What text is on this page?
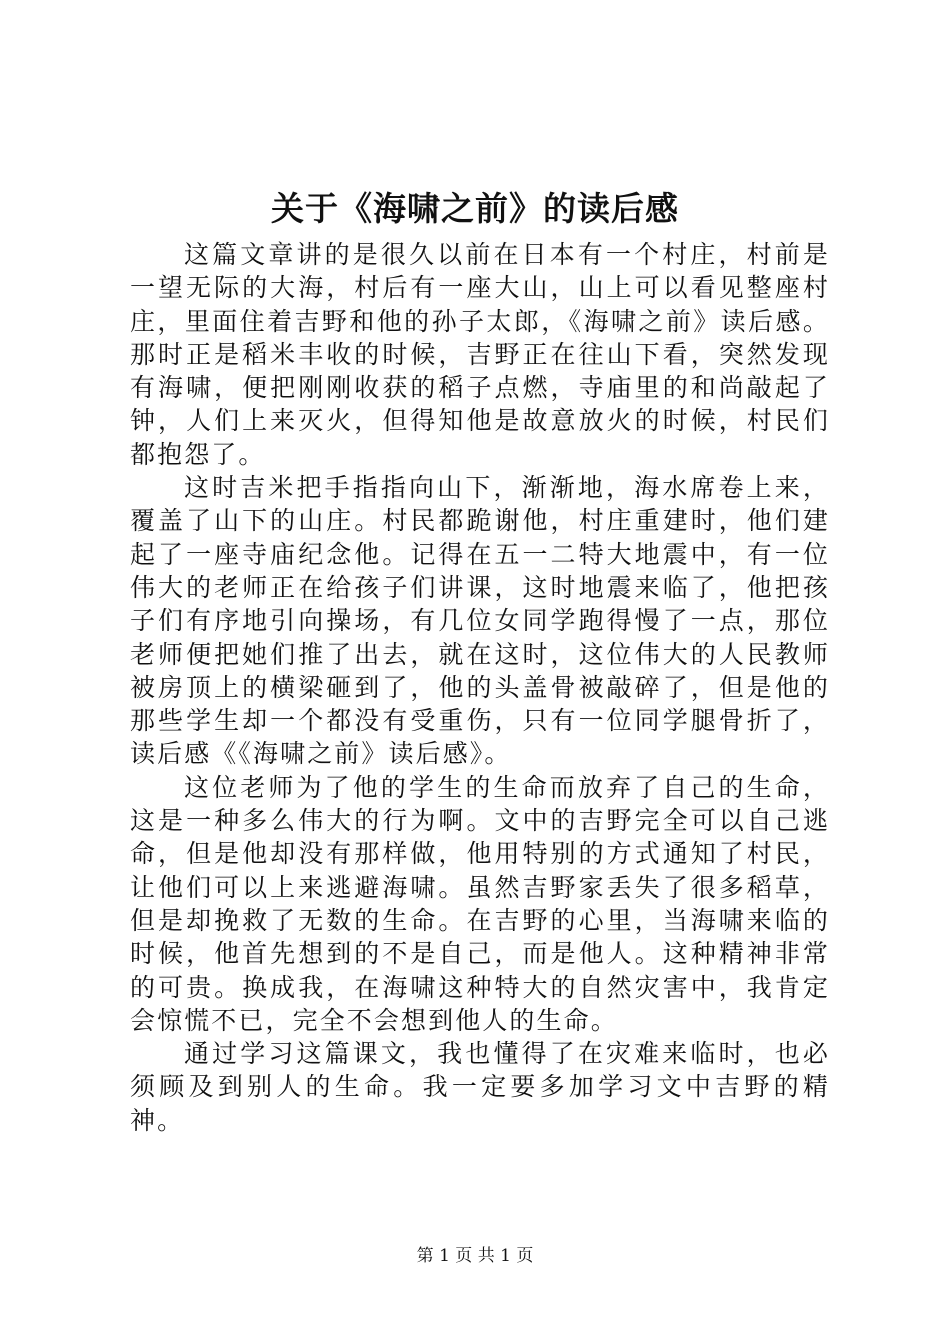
关于《海啸之前》的读后感

这篇文章讲的是很久以前在日本有一个村庄，村前是一望无际的大海，村后有一座大山，山上可以看见整座村庄，里面住着吉野和他的孙子太郎，《海啸之前》读后感。那时正是稻米丰收的时候，吉野正在往山下看，突然发现有海啸，便把刚刚收获的稻子点燃，寺庙里的和尚敲起了钟，人们上来灭火，但得知他是故意放火的时候，村民们都抱怨了。

这时吉米把手指指向山下，渐渐地，海水席卷上来，覆盖了山下的山庄。村民都跪谢他，村庄重建时，他们建起了一座寺庙纪念他。记得在五一二特大地震中，有一位伟大的老师正在给孩子们讲课，这时地震来临了，他把孩子们有序地引向操场，有几位女同学跑得慢了一点，那位老师便把她们推了出去，就在这时，这位伟大的人民教师被房顶上的横梁砸到了，他的头盖骨被敲碎了，但是他的那些学生却一个都没有受重伤，只有一位同学腿骨折了，读后感《《海啸之前》读后感》。

这位老师为了他的学生的生命而放弃了自己的生命，这是一种多么伟大的行为啊。文中的吉野完全可以自己逃命，但是他却没有那样做，他用特别的方式通知了村民，让他们可以上来逃避海啸。虽然吉野家丢失了很多稻草，但是却挽救了无数的生命。在吉野的心里，当海啸来临的时候，他首先想到的不是自己，而是他人。这种精神非常的可贵。换成我，在海啸这种特大的自然灾害中，我肯定会惊慌不已，完全不会想到他人的生命。

通过学习这篇课文，我也懂得了在灾难来临时，也必须顾及到别人的生命。我一定要多加学习文中吉野的精神。

第 1 页 共 1 页
